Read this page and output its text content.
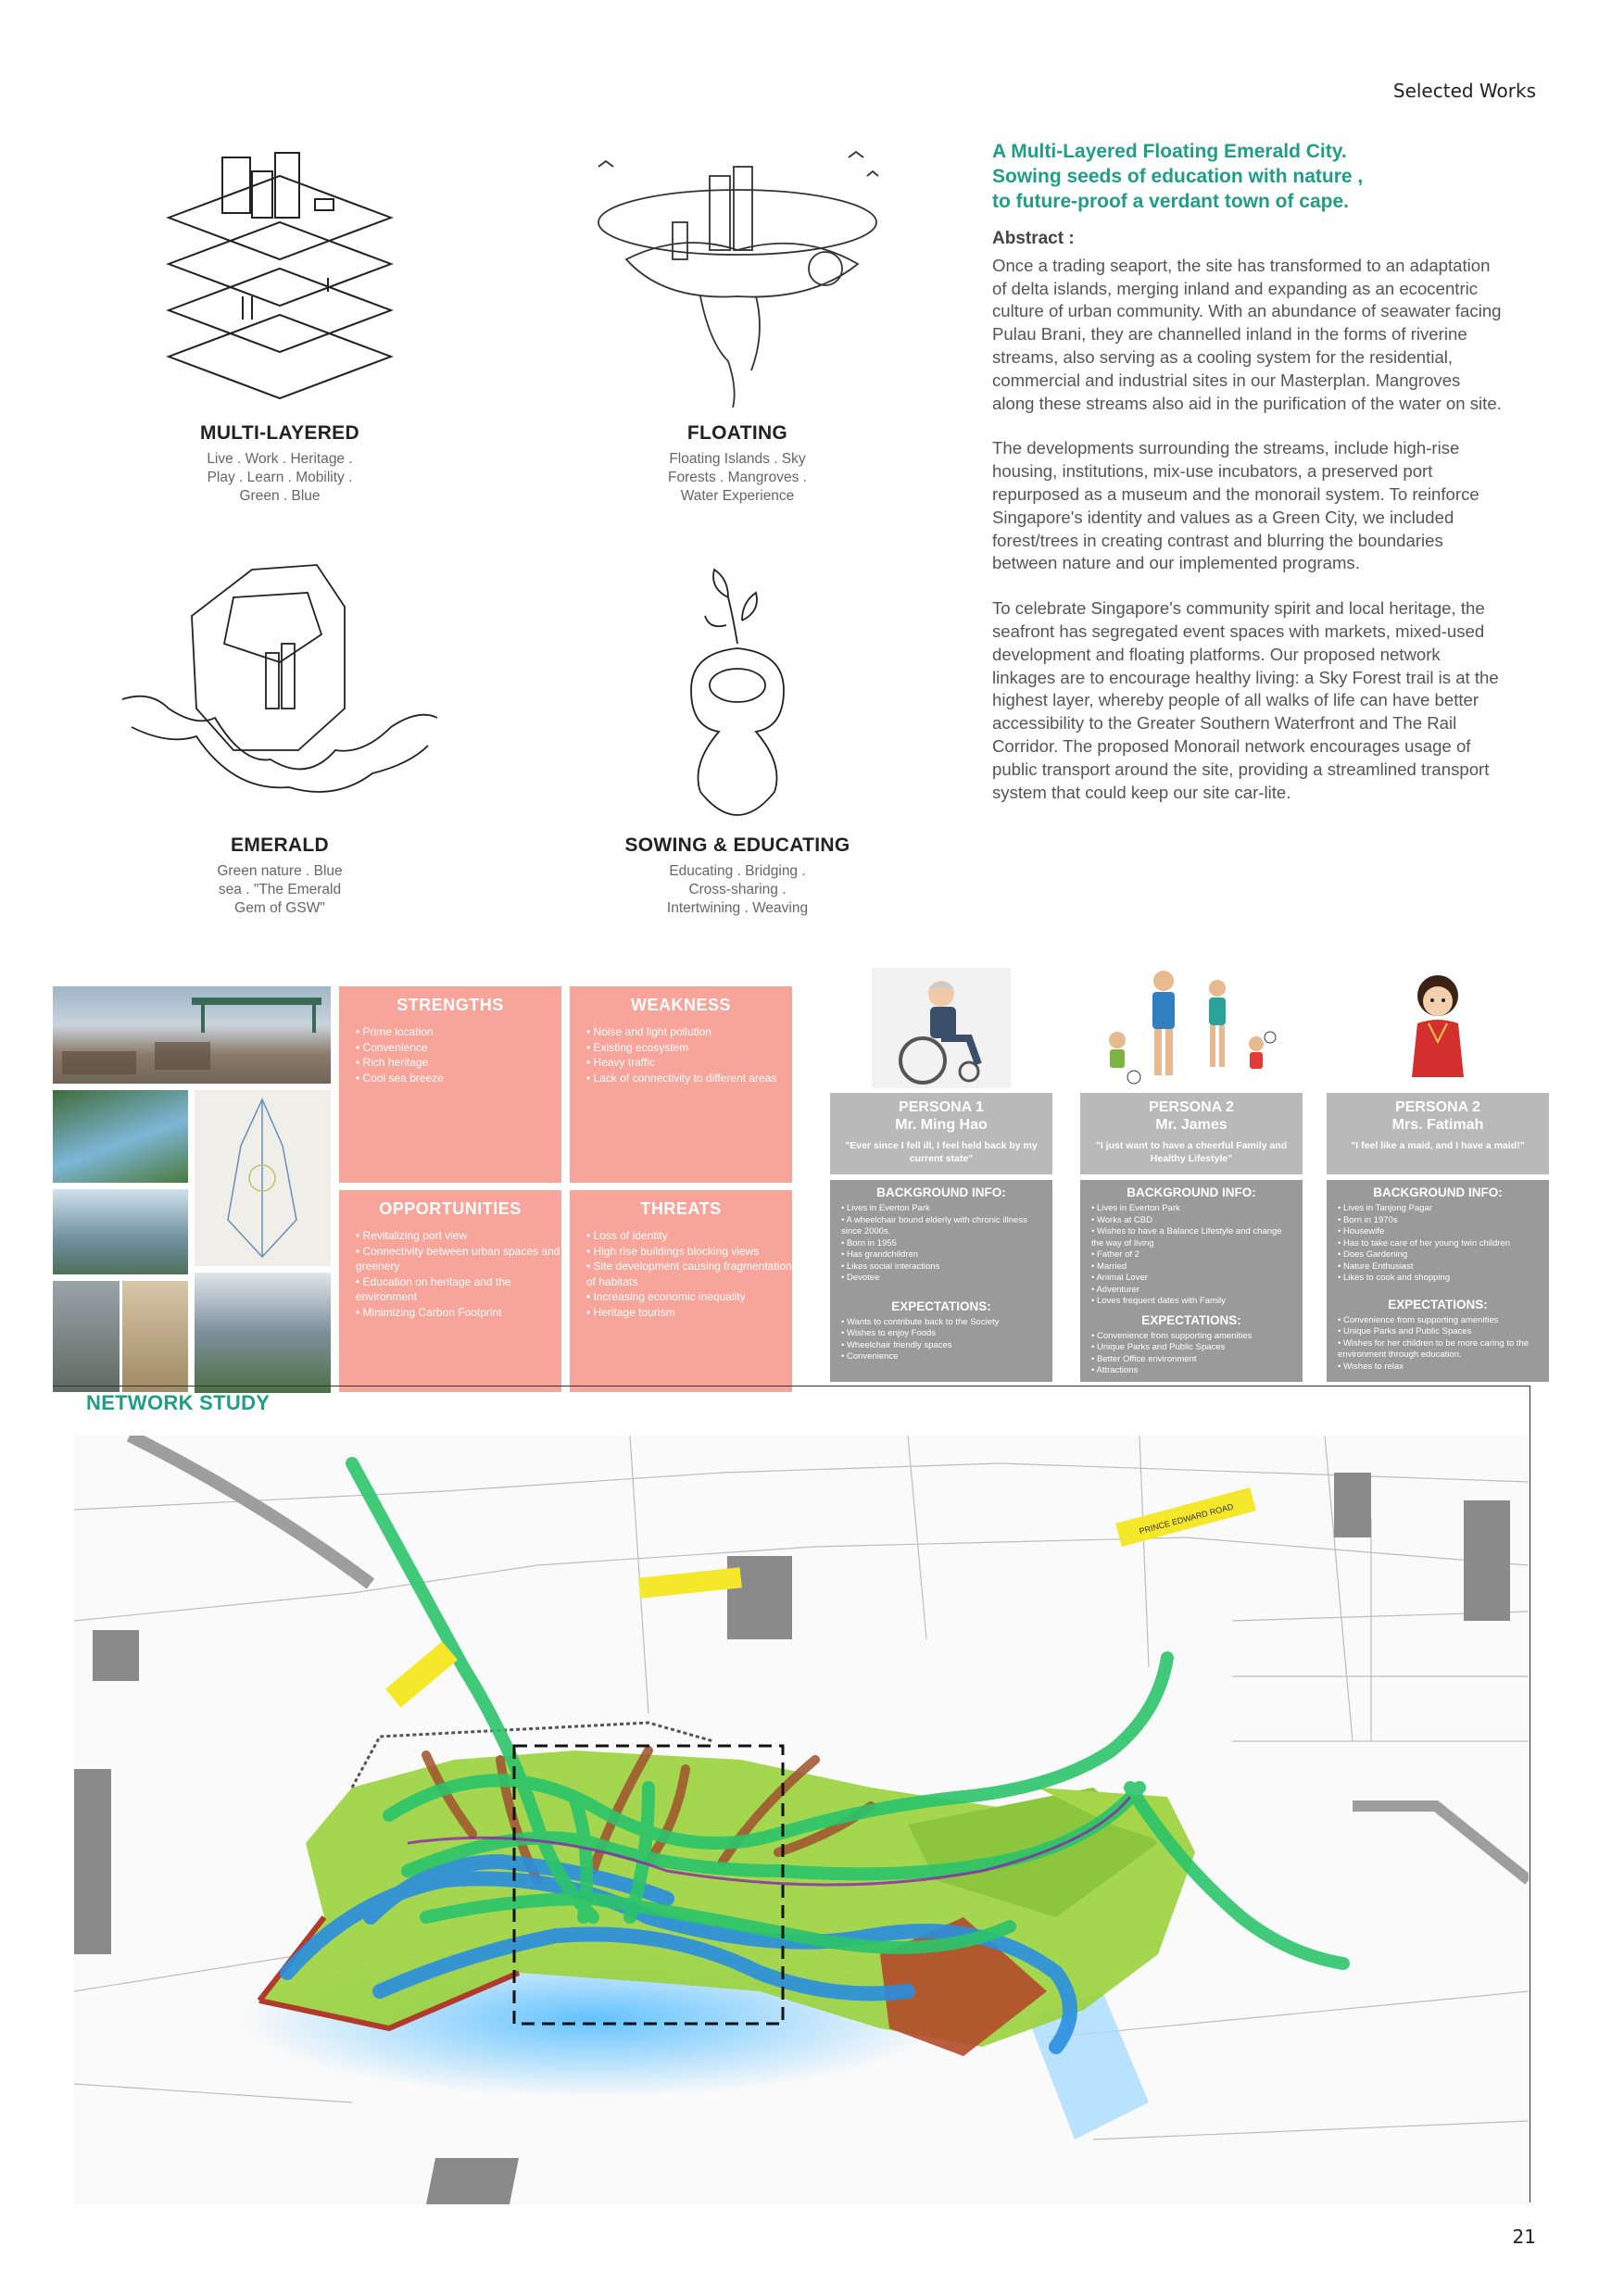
Selected Works
MULTI-LAYERED
Live . Work . Heritage .
Play . Learn . Mobility .
Green . Blue
FLOATING
Floating Islands . Sky
Forests . Mangroves .
Water Experience
EMERALD
Green nature . Blue
sea . "The Emerald
Gem of GSW"
SOWING & EDUCATING
Educating . Bridging .
Cross-sharing .
Intertwining . Weaving
A Multi-Layered Floating Emerald City.
Sowing seeds of education with nature ,
to future-proof a verdant town of cape.

Abstract :

Once a trading seaport, the site has transformed to an adaptation of delta islands, merging inland and expanding as an ecocentric culture of urban community. With an abundance of seawater facing Pulau Brani, they are channelled inland in the forms of riverine streams, also serving as a cooling system for the residential, commercial and industrial sites in our Masterplan. Mangroves along these streams also aid in the purification of the water on site.

The developments surrounding the streams, include high-rise housing, institutions, mix-use incubators, a preserved port repurposed as a museum and the monorail system. To reinforce Singapore's identity and values as a Green City, we included forest/trees in creating contrast and blurring the boundaries between nature and our implemented programs.

To celebrate Singapore's community spirit and local heritage, the seafront has segregated event spaces with markets, mixed-used development and floating platforms. Our proposed network linkages are to encourage healthy living: a Sky Forest trail is at the highest layer, whereby people of all walks of life can have better accessibility to the Greater Southern Waterfront and The Rail Corridor. The proposed Monorail network encourages usage of public transport around the site, providing a streamlined transport system that could keep our site car-lite.

STRENGTHS
• Prime location
• Convenience
• Rich heritage
• Cool sea breeze
WEAKNESS
• Noise and light pollution
• Existing ecosystem
• Heavy traffic
• Lack of connectivity to different areas
OPPORTUNITIES
• Revitalizing port view
• Connectivity between urban spaces and greenery
• Education on heritage and the environment
• Minimizing Carbon Footprint
THREATS
• Loss of identity
• High rise buildings blocking views
• Site development causing fragmentation of habitats
• Increasing economic inequality
• Heritage tourism
PERSONA 1
Mr. Ming Hao
"Ever since I fell ill, I feel held back by my current state"
BACKGROUND INFO:
• Lives in Everton Park
• A wheelchair bound elderly with chronic illness since 2000s.
• Born in 1955
• Has grandchildren
• Likes social interactions
• Devotee
EXPECTATIONS:
• Wants to contribute back to the Society
• Wishes to enjoy Foods
• Wheelchair friendly spaces
• Convenience
PERSONA 2
Mr. James
"I just want to have a cheerful Family and Healthy Lifestyle"
BACKGROUND INFO:
• Lives in Everton Park
• Works at CBD
• Wishes to have a Balance Lifestyle and change the way of living
• Father of 2
• Married
• Animal Lover
• Adventurer
• Loves frequent dates with Family
EXPECTATIONS:
• Convenience from supporting amenities
• Unique Parks and Public Spaces
• Better Office environment
• Attractions
PERSONA 2
Mrs. Fatimah
"I feel like a maid, and I have a maid!"
BACKGROUND INFO:
• Lives in Tanjong Pagar
• Born in 1970s
• Housewife
• Has to take care of her young twin children
• Does Gardening
• Nature Enthusiast
• Likes to cook and shopping
EXPECTATIONS:
• Convenience from supporting amenities
• Unique Parks and Public Spaces
• Wishes for her children to be more caring to the environment through education.
• Wishes to relax
NETWORK STUDY
PRINCE EDWARD ROAD
21
